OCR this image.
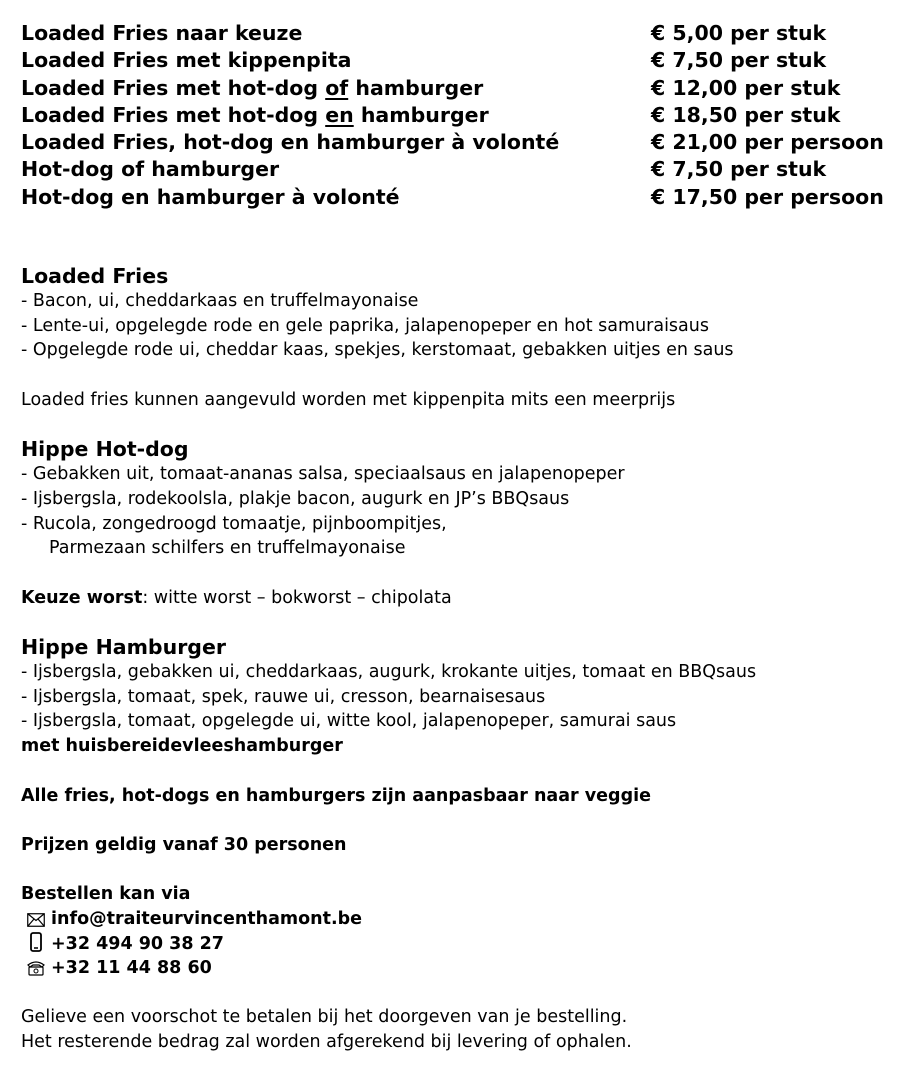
Loaded Fries naar keuze	€ 5,00 per stuk
Loaded Fries met kippenpita	€ 7,50 per stuk
Loaded Fries met hot-dog of hamburger	€ 12,00 per stuk
Loaded Fries met hot-dog en hamburger	€ 18,50 per stuk
Loaded Fries, hot-dog en hamburger à volonté	€ 21,00 per persoon
Hot-dog of hamburger	€ 7,50 per stuk
Hot-dog en hamburger à volonté	€ 17,50 per persoon
Loaded Fries
- Bacon, ui, cheddarkaas en truffelmayonaise
- Lente-ui, opgelegde rode en gele paprika, jalapenopeper en hot samuraisaus
- Opgelegde rode ui, cheddar kaas, spekjes, kerstomaat, gebakken uitjes en saus
Loaded fries kunnen aangevuld worden met kippenpita mits een meerprijs
Hippe Hot-dog
- Gebakken uit, tomaat-ananas salsa, speciaalsaus en jalapenopeper
- Ijsbergsla, rodekoolsla, plakje bacon, augurk en JP’s BBQsaus
- Rucola, zongedroogd tomaatje, pijnboompitjes,
Parmezaan schilfers en truffelmayonaise
Keuze worst: witte worst – bokworst – chipolata
Hippe Hamburger
- Ijsbergsla, gebakken ui, cheddarkaas, augurk, krokante uitjes, tomaat en BBQsaus
- Ijsbergsla, tomaat, spek, rauwe ui, cresson, bearnaisesaus
- Ijsbergsla, tomaat, opgelegde ui, witte kool, jalapenopeper, samurai saus
met huisbereidevleeshamburger
Alle fries, hot-dogs en hamburgers zijn aanpasbaar naar veggie
Prijzen geldig vanaf 30 personen
Bestellen kan via
info@traiteurvincenthamont.be
+32 494 90 38 27
+32 11 44 88 60
Gelieve een voorschot te betalen bij het doorgeven van je bestelling.
Het resterende bedrag zal worden afgerekend bij levering of ophalen.
